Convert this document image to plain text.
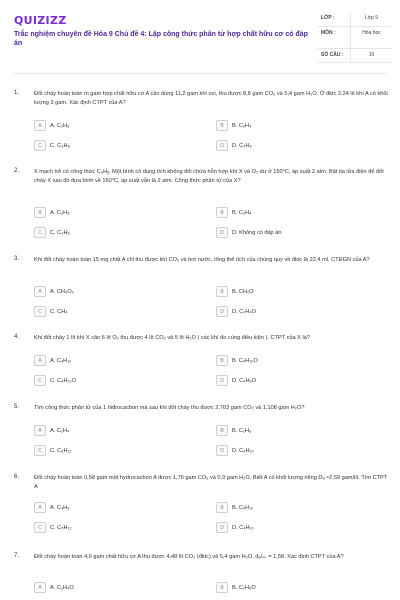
QUIZIZZ
Trắc nghiệm chuyên đề Hóa 9 Chủ đề 4: Lập công thức phân tử hợp chất hữu cơ có đáp án
LỚP :	Lớp 9
MÔN :	Hóa học
SỐ CÂU :	10
1.	Đốt cháy hoàn toàn m gam hợp chất hữu cơ A cần dùng 11,2 gam khí oxi, thu được 8,8 gam CO₂ và 5,4 gam H₂O. Ở đktc 2,24 lít khí A có khối lượng 3 gam. Xác định CTPT của A?
A	A. C₂H₆	B	B. C₂H₄
C	C. C₃H₈	D	D. C₃H₆
2.	X mạch hở có công thức C₃Hᵧ. Một bình có dung tích không đổi chứa hỗn hợp khí X và O₂ dư ở 150°C, áp suất 2 atm. Bật tia lửa điện để đốt cháy X sau đó đưa bình về 150°C, áp suất vẫn là 2 atm. Công thức phân tử của X?
A	A. C₃H₈	B	B. C₃H₄
C	C. C₃H₆	D	D. Không có đáp án
3.	Khi đốt cháy hoàn toàn 15 mg chất A chỉ thu được khí CO₂ và hơi nước, tổng thể tích của chúng quy về đktc là 22,4 ml. CTĐGN của A?
A	A. CH₄O₂	B	B. CH₂O
C	C. CH₄	D	D. C₂H₄O
4.	Khi đốt cháy 1 lít khí X cần 6 lít O₂ thu được 4 lít CO₂ và 5 lít H₂O ( các khí đo cùng điều kiện ). CTPT của X là?
A	A. C₄H₁₀	B	B. C₄H₁₀O
C	C. C₄H₁₀O	D	D. C₄H₆O
5.	Tìm công thức phân tử của 1 hiđrocacbon mà sau khi đốt cháy thu được 2,703 gam CO₂ và 1,108 gam H₂O?
A	A. C₂H₄	B	B. C₂H₆
C	C. C₅H₁₂	D	D. C₄H₁₀
6.	Đốt cháy hoàn toàn 0,58 gam một hydrocacbon A được 1,76 gam CO₂ và 0,9 gam H₂O. Biết A có khối lượng riêng Dₐ ≈2,59 gam/lít. Tìm CTPT A
A	A. C₄H₈	B	B. C₅H₁₀
C	C. C₅H₁₂	D	D. C₄H₁₀
7.	Đốt cháy hoàn toàn 4,6 gam chất hữu cơ A thu được 4,48 lít CO₂ (đktc) và 5,4 gam H₂O. dₐ/ₖₖ = 1,58. Xác định CTPT của A?
A	A. C₂H₄O	B	B. C₂H₆O
